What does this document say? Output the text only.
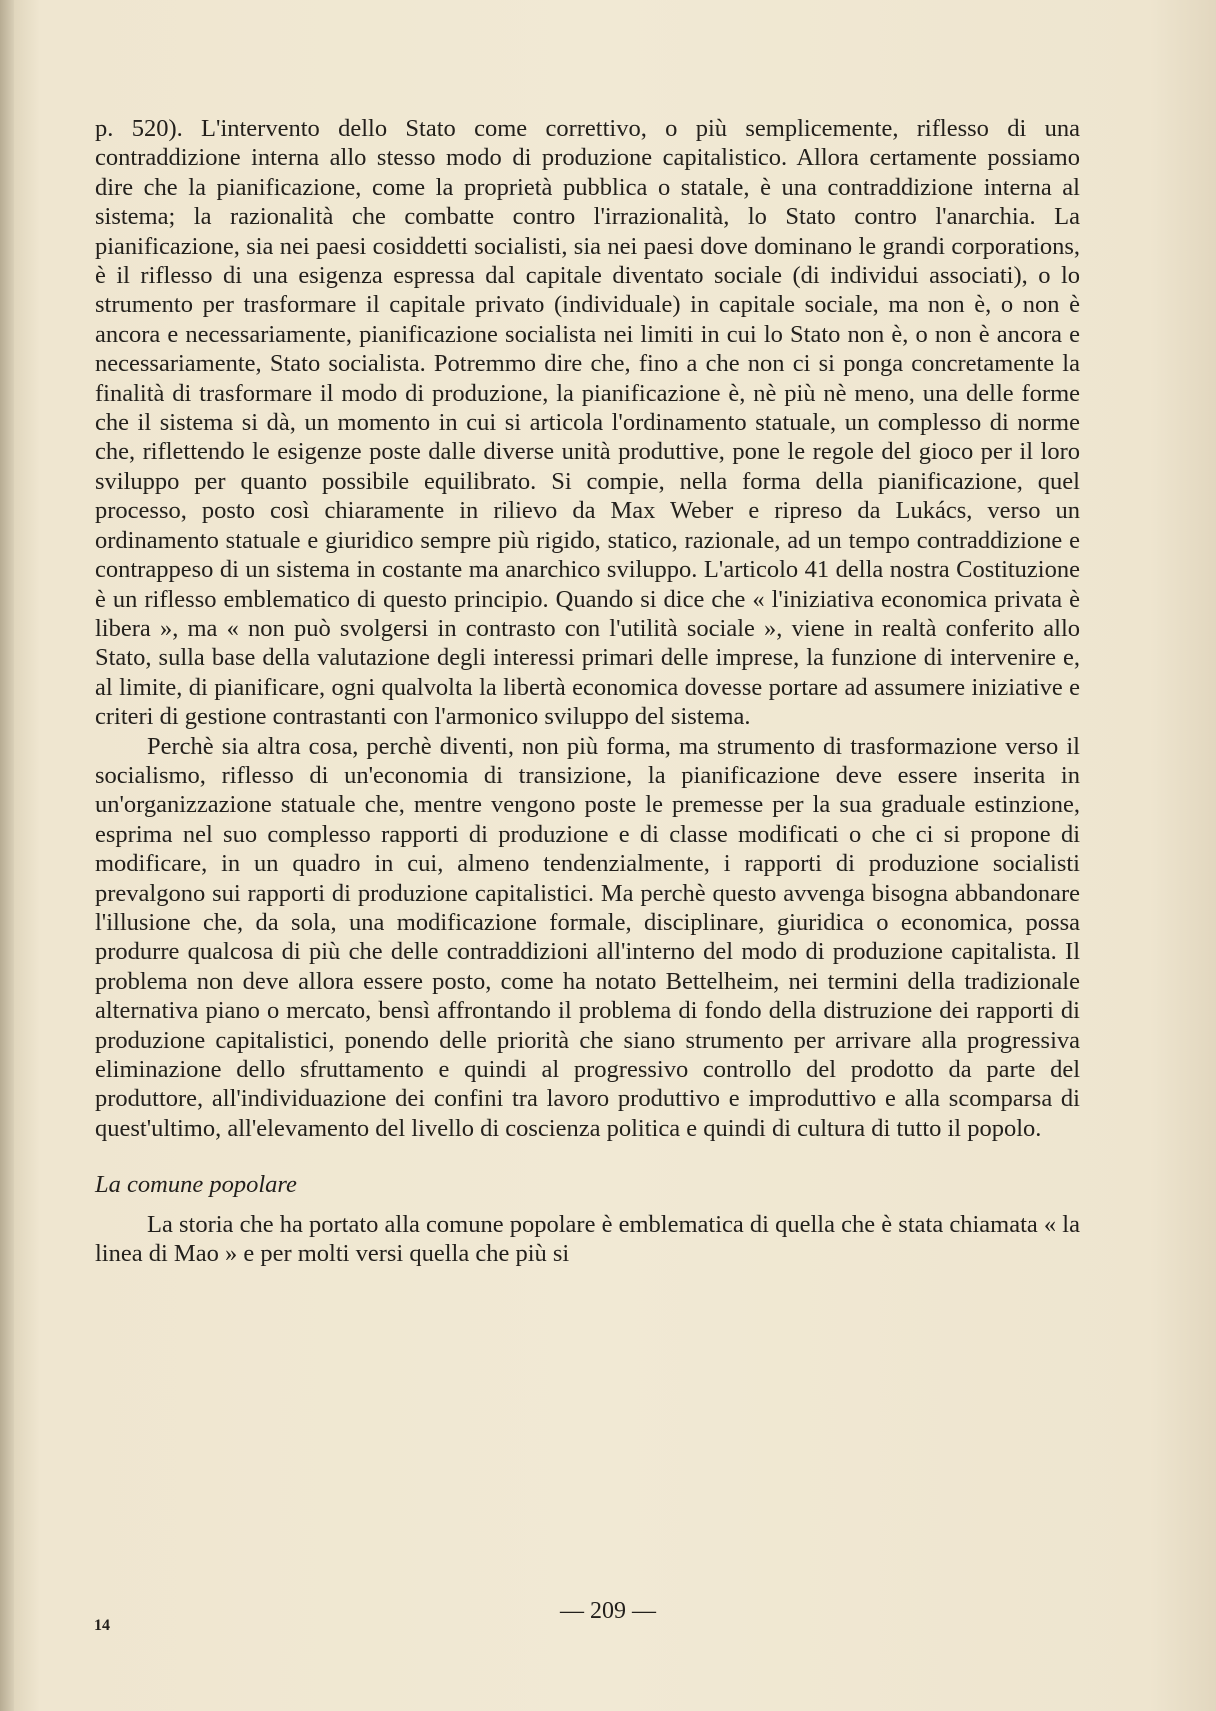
p. 520). L'intervento dello Stato come correttivo, o più semplicemente, riflesso di una contraddizione interna allo stesso modo di produzione capitalistico. Allora certamente possiamo dire che la pianificazione, come la proprietà pubblica o statale, è una contraddizione interna al sistema; la razionalità che combatte contro l'irrazionalità, lo Stato contro l'anarchia. La pianificazione, sia nei paesi cosiddetti socialisti, sia nei paesi dove dominano le grandi corporations, è il riflesso di una esigenza espressa dal capitale diventato sociale (di individui associati), o lo strumento per trasformare il capitale privato (individuale) in capitale sociale, ma non è, o non è ancora e necessariamente, pianificazione socialista nei limiti in cui lo Stato non è, o non è ancora e necessariamente, Stato socialista. Potremmo dire che, fino a che non ci si ponga concretamente la finalità di trasformare il modo di produzione, la pianificazione è, nè più nè meno, una delle forme che il sistema si dà, un momento in cui si articola l'ordinamento statuale, un complesso di norme che, riflettendo le esigenze poste dalle diverse unità produttive, pone le regole del gioco per il loro sviluppo per quanto possibile equilibrato. Si compie, nella forma della pianificazione, quel processo, posto così chiaramente in rilievo da Max Weber e ripreso da Lukács, verso un ordinamento statuale e giuridico sempre più rigido, statico, razionale, ad un tempo contraddizione e contrappeso di un sistema in costante ma anarchico sviluppo. L'articolo 41 della nostra Costituzione è un riflesso emblematico di questo principio. Quando si dice che « l'iniziativa economica privata è libera », ma « non può svolgersi in contrasto con l'utilità sociale », viene in realtà conferito allo Stato, sulla base della valutazione degli interessi primari delle imprese, la funzione di intervenire e, al limite, di pianificare, ogni qualvolta la libertà economica dovesse portare ad assumere iniziative e criteri di gestione contrastanti con l'armonico sviluppo del sistema.

Perchè sia altra cosa, perchè diventi, non più forma, ma strumento di trasformazione verso il socialismo, riflesso di un'economia di transizione, la pianificazione deve essere inserita in un'organizzazione statuale che, mentre vengono poste le premesse per la sua graduale estinzione, esprima nel suo complesso rapporti di produzione e di classe modificati o che ci si propone di modificare, in un quadro in cui, almeno tendenzialmente, i rapporti di produzione socialisti prevalgono sui rapporti di produzione capitalistici. Ma perchè questo avvenga bisogna abbandonare l'illusione che, da sola, una modificazione formale, disciplinare, giuridica o economica, possa produrre qualcosa di più che delle contraddizioni all'interno del modo di produzione capitalista. Il problema non deve allora essere posto, come ha notato Bettelheim, nei termini della tradizionale alternativa piano o mercato, bensì affrontando il problema di fondo della distruzione dei rapporti di produzione capitalistici, ponendo delle priorità che siano strumento per arrivare alla progressiva eliminazione dello sfruttamento e quindi al progressivo controllo del prodotto da parte del produttore, all'individuazione dei confini tra lavoro produttivo e improduttivo e alla scomparsa di quest'ultimo, all'elevamento del livello di coscienza politica e quindi di cultura di tutto il popolo.

La comune popolare

La storia che ha portato alla comune popolare è emblematica di quella che è stata chiamata « la linea di Mao » e per molti versi quella che più si

— 209 —
14
